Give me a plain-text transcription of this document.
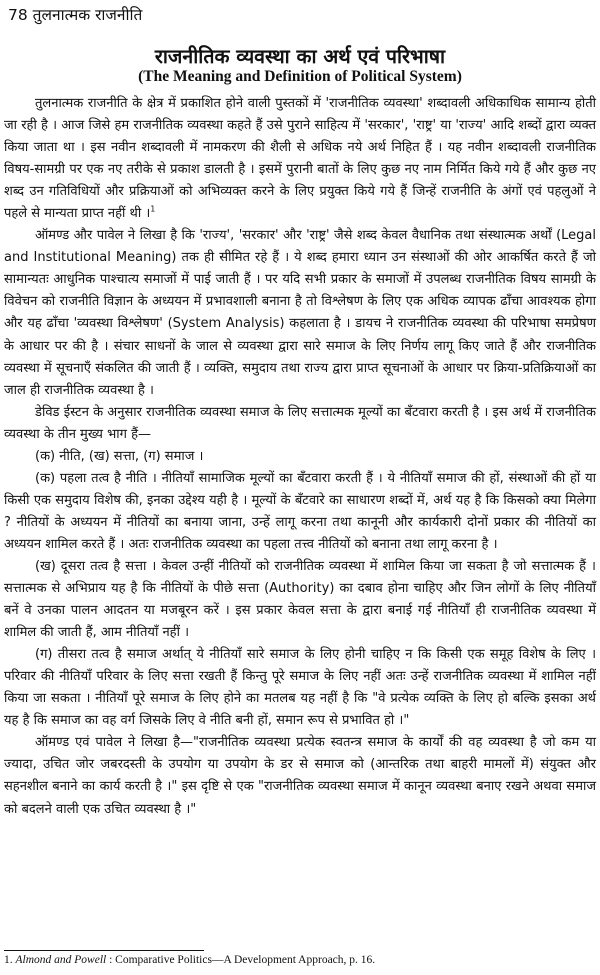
78 तुलनात्मक राजनीति
राजनीतिक व्यवस्था का अर्थ एवं परिभाषा
(The Meaning and Definition of Political System)

तुलनात्मक राजनीति के क्षेत्र में प्रकाशित होने वाली पुस्तकों में 'राजनीतिक व्यवस्था' शब्दावली अधिकाधिक सामान्य होती जा रही है । आज जिसे हम राजनीतिक व्यवस्था कहते हैं उसे पुराने साहित्य में 'सरकार', 'राष्ट्र' या 'राज्य' आदि शब्दों द्वारा व्यक्त किया जाता था । इस नवीन शब्दावली में नामकरण की शैली से अधिक नये अर्थ निहित हैं । यह नवीन शब्दावली राजनीतिक विषय-सामग्री पर एक नए तरीके से प्रकाश डालती है । इसमें पुरानी बातों के लिए कुछ नए नाम निर्मित किये गये हैं और कुछ नए शब्द उन गतिविधियों और प्रक्रियाओं को अभिव्यक्त करने के लिए प्रयुक्त किये गये हैं जिन्हें राजनीति के अंगों एवं पहलुओं ने पहले से मान्यता प्राप्त नहीं थी ।$^1$

ऑमण्ड और पावेल ने लिखा है कि 'राज्य', 'सरकार' और 'राष्ट्र' जैसे शब्द केवल वैधानिक तथा संस्थात्मक अर्थों (Legal and Institutional Meaning) तक ही सीमित रहे हैं । ये शब्द हमारा ध्यान उन संस्थाओं की ओर आकर्षित करते हैं जो सामान्यतः आधुनिक पाश्चात्य समाजों में पाई जाती हैं । पर यदि सभी प्रकार के समाजों में उपलब्ध राजनीतिक विषय सामग्री के विवेचन को राजनीति विज्ञान के अध्ययन में प्रभावशाली बनाना है तो विश्लेषण के लिए एक अधिक व्यापक ढाँचा आवश्यक होगा और यह ढाँचा 'व्यवस्था विश्लेषण' (System Analysis) कहलाता है । डायच ने राजनीतिक व्यवस्था की परिभाषा समप्रेषण के आधार पर की है । संचार साधनों के जाल से व्यवस्था द्वारा सारे समाज के लिए निर्णय लागू किए जाते हैं और राजनीतिक व्यवस्था में सूचनाएँ संकलित की जाती हैं । व्यक्ति, समुदाय तथा राज्य द्वारा प्राप्त सूचनाओं के आधार पर क्रिया-प्रतिक्रियाओं का जाल ही राजनीतिक व्यवस्था है ।

डेविड ईस्टन के अनुसार राजनीतिक व्यवस्था समाज के लिए सत्तात्मक मूल्यों का बँटवारा करती है । इस अर्थ में राजनीतिक व्यवस्था के तीन मुख्य भाग हैं—

(क) नीति, (ख) सत्ता, (ग) समाज ।

(क) पहला तत्व है नीति । नीतियाँ सामाजिक मूल्यों का बँटवारा करती हैं । ये नीतियाँ समाज की हों, संस्थाओं की हों या किसी एक समुदाय विशेष की, इनका उद्देश्य यही है । मूल्यों के बँटवारे का साधारण शब्दों में, अर्थ यह है कि किसको क्या मिलेगा ? नीतियों के अध्ययन में नीतियों का बनाया जाना, उन्हें लागू करना तथा कानूनी और कार्यकारी दोनों प्रकार की नीतियों का अध्ययन शामिल करते हैं । अतः राजनीतिक व्यवस्था का पहला तत्त्व नीतियों को बनाना तथा लागू करना है ।

(ख) दूसरा तत्व है सत्ता । केवल उन्हीं नीतियों को राजनीतिक व्यवस्था में शामिल किया जा सकता है जो सत्तात्मक हैं । सत्तात्मक से अभिप्राय यह है कि नीतियों के पीछे सत्ता (Authority) का दबाव होना चाहिए और जिन लोगों के लिए नीतियाँ बनें वे उनका पालन आदतन या मजबूरन करें । इस प्रकार केवल सत्ता के द्वारा बनाई गई नीतियाँ ही राजनीतिक व्यवस्था में शामिल की जाती हैं, आम नीतियाँ नहीं ।

(ग) तीसरा तत्व है समाज अर्थात् ये नीतियाँ सारे समाज के लिए होनी चाहिए न कि किसी एक समूह विशेष के लिए । परिवार की नीतियाँ परिवार के लिए सत्ता रखती हैं किन्तु पूरे समाज के लिए नहीं अतः उन्हें राजनीतिक व्यवस्था में शामिल नहीं किया जा सकता । नीतियाँ पूरे समाज के लिए होने का मतलब यह नहीं है कि "वे प्रत्येक व्यक्ति के लिए हो बल्कि इसका अर्थ यह है कि समाज का वह वर्ग जिसके लिए वे नीति बनी हों, समान रूप से प्रभावित हो ।"

ऑमण्ड एवं पावेल ने लिखा है—"राजनीतिक व्यवस्था प्रत्येक स्वतन्त्र समाज के कार्यों की वह व्यवस्था है जो कम या ज्यादा, उचित जोर जबरदस्ती के उपयोग या उपयोग के डर से समाज को (आन्तरिक तथा बाहरी मामलों में) संयुक्त और सहनशील बनाने का कार्य करती है ।" इस दृष्टि से एक "राजनीतिक व्यवस्था समाज में कानून व्यवस्था बनाए रखने अथवा समाज को बदलने वाली एक उचित व्यवस्था है ।"

1. Almond and Powell : Comparative Politics—A Development Approach, p. 16.
